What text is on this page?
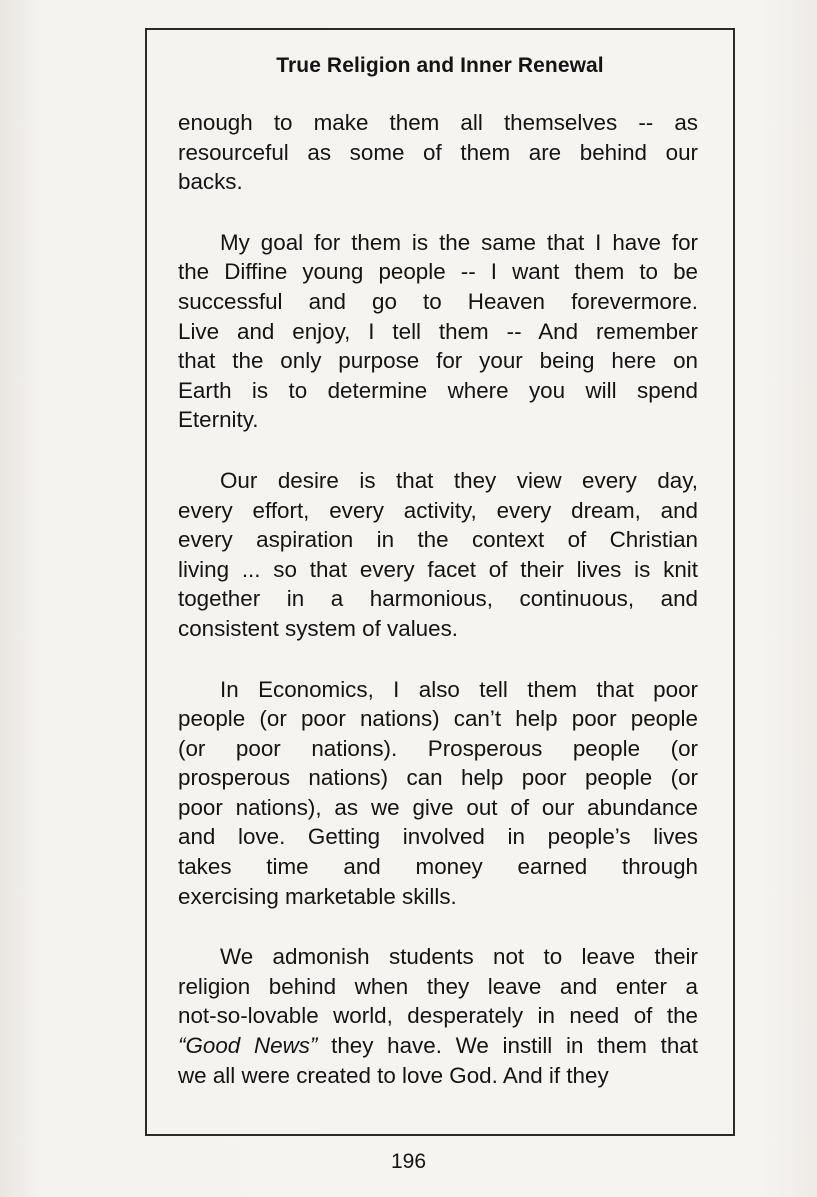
True Religion and Inner Renewal
enough to make them all themselves -- as
resourceful as some of them are behind our
backs.
My goal for them is the same that I have for
the Diffine young people -- I want them to be
successful and go to Heaven forevermore.
Live and enjoy, I tell them -- And remember
that the only purpose for your being here on
Earth is to determine where you will spend
Eternity.
Our desire is that they view every day,
every effort, every activity, every dream, and
every aspiration in the context of Christian
living ... so that every facet of their lives is knit
together in a harmonious, continuous, and
consistent system of values.
In Economics, I also tell them that poor
people (or poor nations) can’t help poor people
(or poor nations). Prosperous people (or
prosperous nations) can help poor people (or
poor nations), as we give out of our abundance
and love. Getting involved in people’s lives
takes time and money earned through
exercising marketable skills.
We admonish students not to leave their
religion behind when they leave and enter a
not-so-lovable world, desperately in need of the
“Good News” they have. We instill in them that
we all were created to love God. And if they
196
